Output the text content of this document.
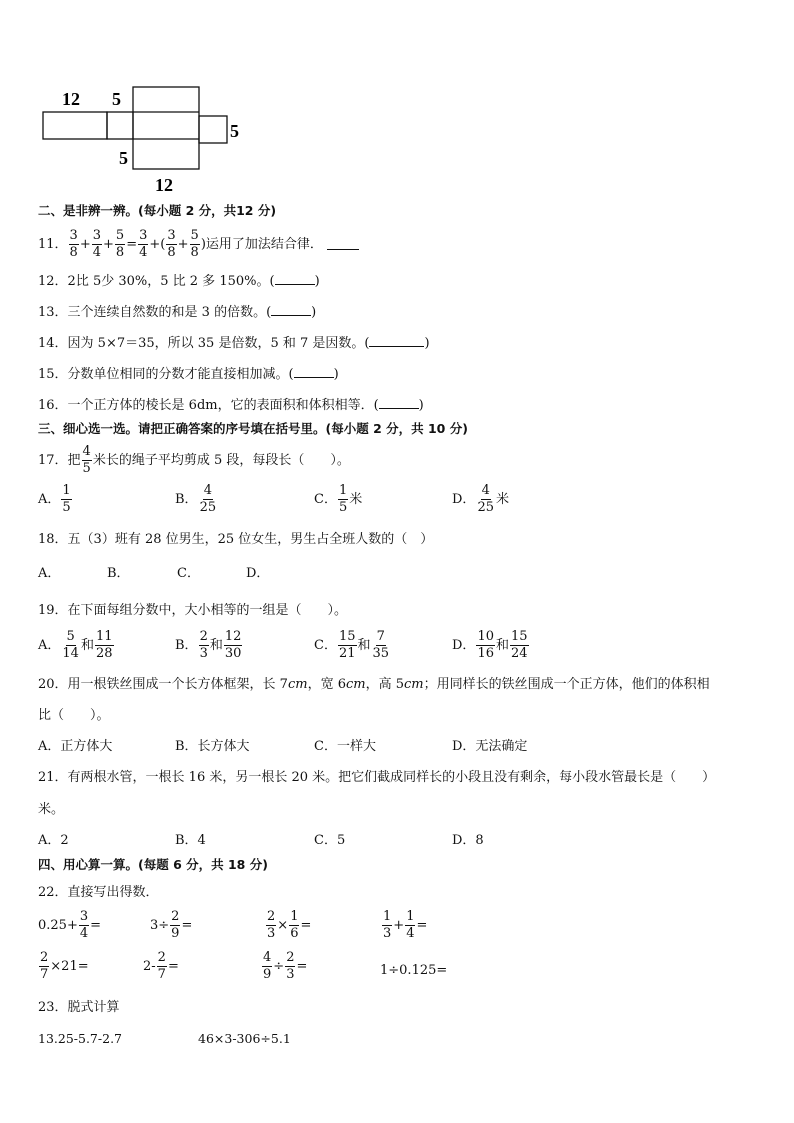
12 5
5
5
12
二、是非辨一辨。(每小题 2 分，共12 分)
11． $\frac{3}{8} + \frac{3}{4} + \frac{5}{8} = \frac{3}{4}$ +( $\frac{3}{8} + \frac{5}{8}$ )运用了加法结合律．
12．2比 5少 30%，5 比 2 多 150%。(	)
13．三个连续自然数的和是 3 的倍数。(	)
14．因为 5×7＝35，所以 35 是倍数，5 和 7 是因数。(	)
15．分数单位相同的分数才能直接相加减。(	)
16．一个正方体的棱长是 6dm，它的表面积和体积相等．(	)
三、细心选一选。请把正确答案的序号填在括号里。(每小题 2 分，共 10 分)
17．把 $\frac{4}{5}$ 米长的绳子平均剪成 5 段，每段长（　　）。
A． $\frac{1}{5}$	B． $\frac{4}{25}$	C． $\frac{1}{5}$ 米	D． $\frac{4}{25}$ 米
18．五（3）班有 28 位男生，25 位女生，男生占全班人数的（　）
A．	B．	C．	D．
19．在下面每组分数中，大小相等的一组是（　　）。
A． $\frac{5}{14}$ 和 $\frac{11}{28}$	B． $\frac{2}{3}$ 和 $\frac{12}{30}$	C． $\frac{15}{21}$ 和 $\frac{7}{35}$	D． $\frac{10}{16}$ 和 $\frac{15}{24}$
20．用一根铁丝围成一个长方体框架，长 7cm，宽 6cm，高 5cm；用同样长的铁丝围成一个正方体，他们的体积相
比（　　）。
A．正方体大	B．长方体大	C．一样大	D．无法确定
21．有两根水管，一根长 16 米，另一根长 20 米。把它们截成同样长的小段且没有剩余，每小段水管最长是（　　）
米。
A．2	B．4	C．5	D．8
四、用心算一算。(每题 6 分，共 18 分)
22．直接写出得数．
$0.25+ \frac{3}{4}$ =	$3\div \frac{2}{9}$ =	$\frac{2}{3} \times \frac{1}{6}$ =	$\frac{1}{3} + \frac{1}{4}$ =
$\frac{2}{7} \times 21=$	$2- \frac{2}{7}$ =	$\frac{4}{9} \div \frac{2}{3}$ =	1÷0.125=
23．脱式计算
13.25-5.7-2.7	46×3-306÷5.1
